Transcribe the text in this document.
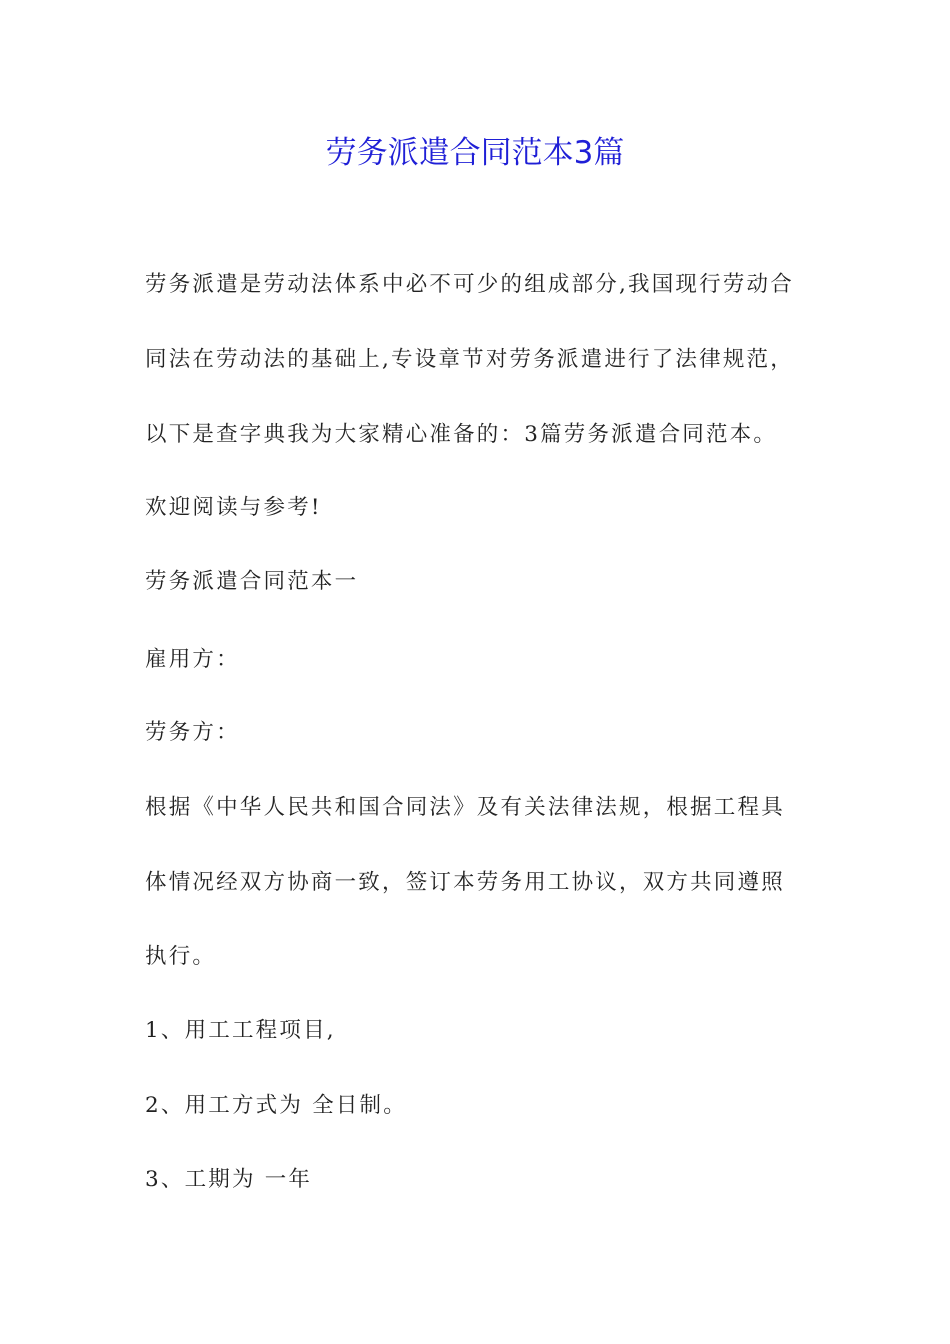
劳务派遣合同范本3篇
劳务派遣是劳动法体系中必不可少的组成部分,我国现行劳动合
同法在劳动法的基础上,专设章节对劳务派遣进行了法律规范，
以下是查字典我为大家精心准备的：3篇劳务派遣合同范本。
欢迎阅读与参考!
劳务派遣合同范本一
雇用方：
劳务方：
根据《中华人民共和国合同法》及有关法律法规，根据工程具
体情况经双方协商一致，签订本劳务用工协议，双方共同遵照
执行。
1、用工工程项目,
2、用工方式为 全日制。
3、工期为 一年
